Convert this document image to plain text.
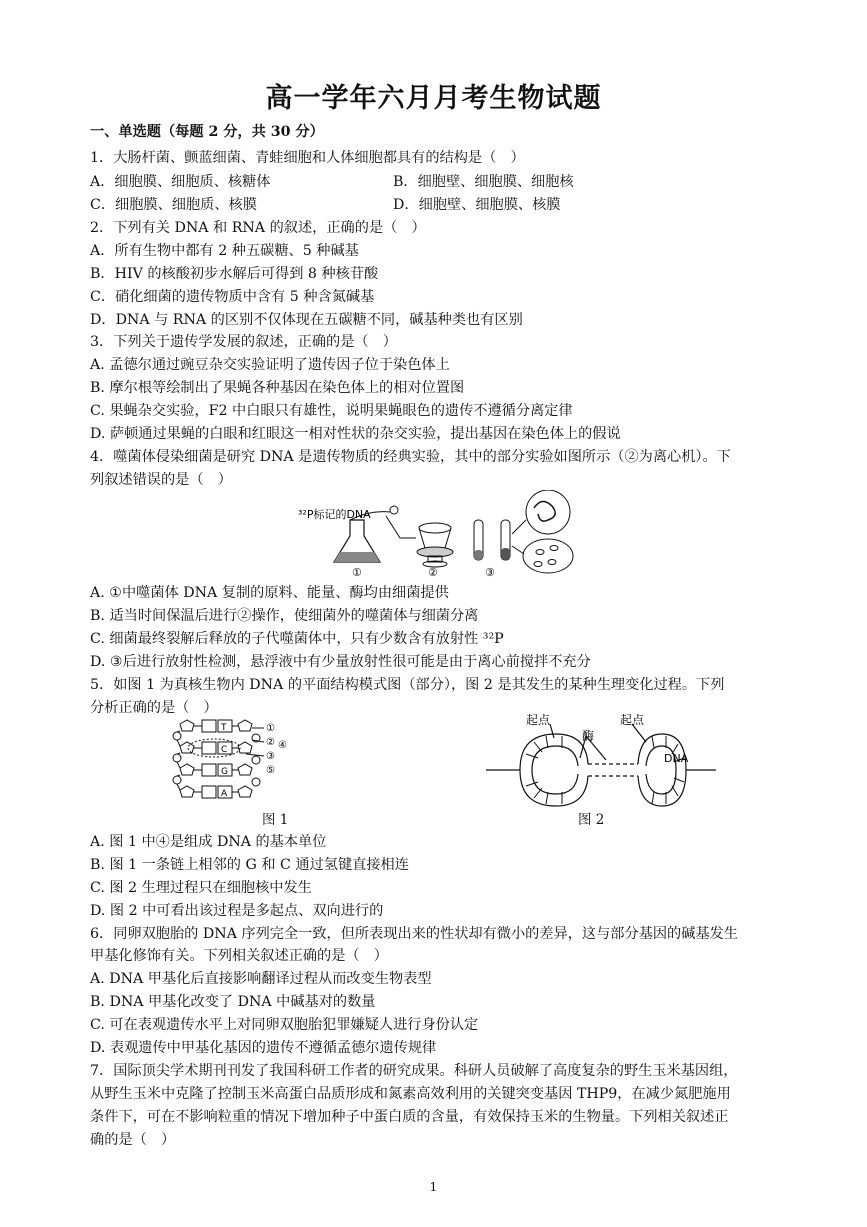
高一学年六月月考生物试题
一、单选题（每题 2 分，共 30 分）
1．大肠杆菌、颤蓝细菌、青蛙细胞和人体细胞都具有的结构是（　）
A．细胞膜、细胞质、核糖体	B．细胞壁、细胞膜、细胞核
C．细胞膜、细胞质、核膜	D．细胞壁、细胞膜、核膜
2．下列有关 DNA 和 RNA 的叙述，正确的是（　）
A．所有生物中都有 2 种五碳糖、5 种碱基
B．HIV 的核酸初步水解后可得到 8 种核苷酸
C．硝化细菌的遗传物质中含有 5 种含氮碱基
D．DNA 与 RNA 的区别不仅体现在五碳糖不同，碱基种类也有区别
3．下列关于遗传学发展的叙述，正确的是（　）
A. 孟德尔通过豌豆杂交实验证明了遗传因子位于染色体上
B. 摩尔根等绘制出了果蝇各种基因在染色体上的相对位置图
C. 果蝇杂交实验，F2 中白眼只有雄性，说明果蝇眼色的遗传不遵循分离定律
D. 萨顿通过果蝇的白眼和红眼这一相对性状的杂交实验，提出基因在染色体上的假说
4．噬菌体侵染细菌是研究 DNA 是遗传物质的经典实验，其中的部分实验如图所示（②为离心机）。下
列叙述错误的是（　）
³²P标记的DNA
①	②	③
A. ①中噬菌体 DNA 复制的原料、能量、酶均由细菌提供
B. 适当时间保温后进行②操作，使细菌外的噬菌体与细菌分离
C. 细菌最终裂解后释放的子代噬菌体中，只有少数含有放射性 ³²P
D. ③后进行放射性检测，悬浮液中有少量放射性很可能是由于离心前搅拌不充分
5．如图 1 为真核生物内 DNA 的平面结构模式图（部分），图 2 是其发生的某种生理变化过程。下列
分析正确的是（　）
T
C
G
A
①
② ④
③
⑤
图 1
起点
酶
起点
DNA
图 2
A. 图 1 中④是组成 DNA 的基本单位
B. 图 1 一条链上相邻的 G 和 C 通过氢键直接相连
C. 图 2 生理过程只在细胞核中发生
D. 图 2 中可看出该过程是多起点、双向进行的
6．同卵双胞胎的 DNA 序列完全一致，但所表现出来的性状却有微小的差异，这与部分基因的碱基发生
甲基化修饰有关。下列相关叙述正确的是（　）
A. DNA 甲基化后直接影响翻译过程从而改变生物表型
B. DNA 甲基化改变了 DNA 中碱基对的数量
C. 可在表观遗传水平上对同卵双胞胎犯罪嫌疑人进行身份认定
D. 表观遗传中甲基化基因的遗传不遵循孟德尔遗传规律
7．国际顶尖学术期刊刊发了我国科研工作者的研究成果。科研人员破解了高度复杂的野生玉米基因组，
从野生玉米中克隆了控制玉米高蛋白品质形成和氮素高效利用的关键突变基因 THP9，在减少氮肥施用
条件下，可在不影响粒重的情况下增加种子中蛋白质的含量，有效保持玉米的生物量。下列相关叙述正
确的是（　）
1
